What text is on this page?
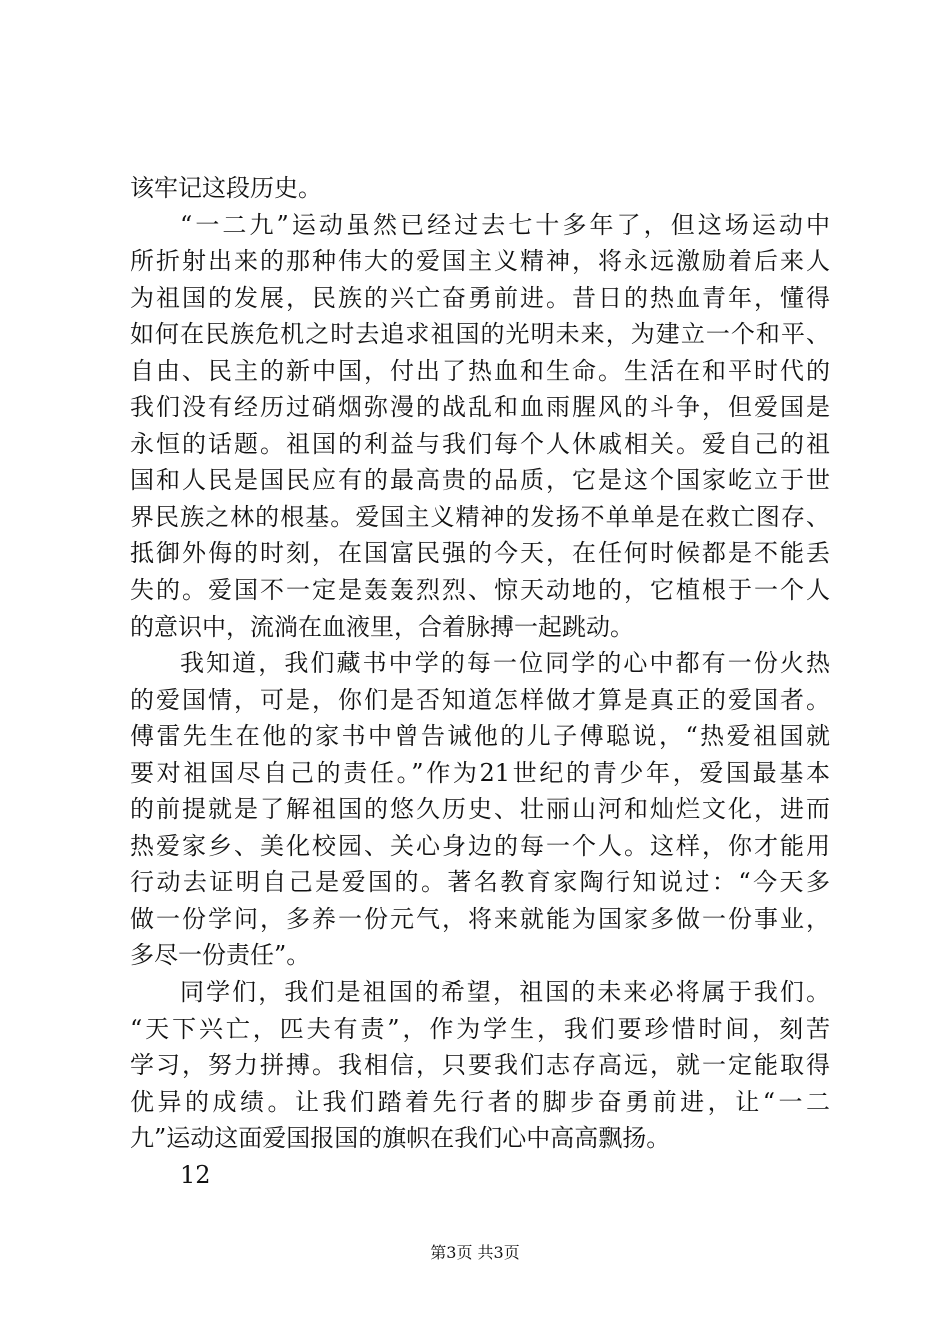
该牢记这段历史。
“一二九”运动虽然已经过去七十多年了，但这场运动中
所折射出来的那种伟大的爱国主义精神，将永远激励着后来人
为祖国的发展，民族的兴亡奋勇前进。昔日的热血青年，懂得
如何在民族危机之时去追求祖国的光明未来，为建立一个和平、
自由、民主的新中国，付出了热血和生命。生活在和平时代的
我们没有经历过硝烟弥漫的战乱和血雨腥风的斗争，但爱国是
永恒的话题。祖国的利益与我们每个人休戚相关。爱自己的祖
国和人民是国民应有的最高贵的品质，它是这个国家屹立于世
界民族之林的根基。爱国主义精神的发扬不单单是在救亡图存、
抵御外侮的时刻，在国富民强的今天，在任何时候都是不能丢
失的。爱国不一定是轰轰烈烈、惊天动地的，它植根于一个人
的意识中，流淌在血液里，合着脉搏一起跳动。
我知道，我们藏书中学的每一位同学的心中都有一份火热
的爱国情，可是，你们是否知道怎样做才算是真正的爱国者。
傅雷先生在他的家书中曾告诫他的儿子傅聪说，“热爱祖国就
要对祖国尽自己的责任。”作为21世纪的青少年，爱国最基本
的前提就是了解祖国的悠久历史、壮丽山河和灿烂文化，进而
热爱家乡、美化校园、关心身边的每一个人。这样，你才能用
行动去证明自己是爱国的。著名教育家陶行知说过：“今天多
做一份学问，多养一份元气，将来就能为国家多做一份事业，
多尽一份责任”。
同学们，我们是祖国的希望，祖国的未来必将属于我们。
“天下兴亡，匹夫有责”，作为学生，我们要珍惜时间，刻苦
学习，努力拼搏。我相信，只要我们志存高远，就一定能取得
优异的成绩。让我们踏着先行者的脚步奋勇前进，让“一二
九”运动这面爱国报国的旗帜在我们心中高高飘扬。
12
第3页 共3页
